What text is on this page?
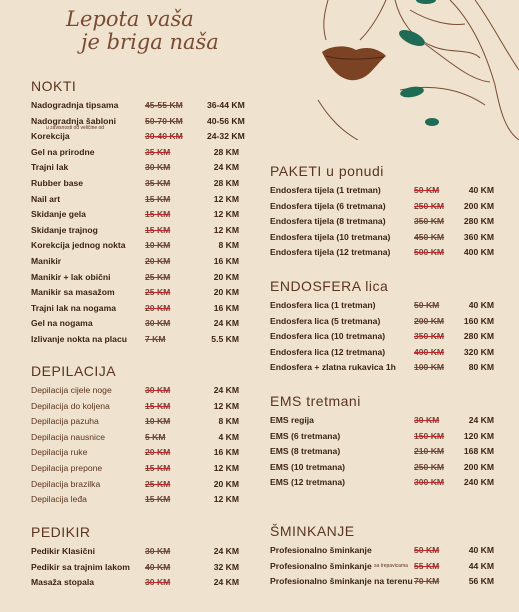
Lepota vaša
je briga naša
NOKTI
Nadogradnja tipsama	45-55 KM	36-44 KM
Nadogradnja šabloni
u zavisnosti od veličine od
50-70 KM	40-56 KM
Korekcija	30-40 KM	24-32 KM
Gel na prirodne	35 KM	28 KM
Trajni lak	30 KM	24 KM
Rubber base	35 KM	28 KM
Nail art	15 KM	12 KM
Skidanje gela	15 KM	12 KM
Skidanje trajnog	15 KM	12 KM
Korekcija jednog nokta 10 KM	8 KM
Manikir	20 KM	16 KM
Manikir + lak obični	25 KM	20 KM
Manikir sa masažom	25 KM	20 KM
Trajni lak na nogama	20 KM	16 KM
Gel na nogama	30 KM	24 KM
Izlivanje nokta na placu 7 KM	5.5 KM
DEPILACIJA
Depilacija cijele noge	30 KM	24 KM
Depilacija do koljena	15 KM	12 KM
Depilacija pazuha	10 KM	8 KM
Depilacija nausnice	5 KM	4 KM
Depilacija ruke	20 KM	16 KM
Depilacija prepone	15 KM	12 KM
Depilacija brazilka	25 KM	20 KM
Depilacija leđa	15 KM	12 KM
PEDIKIR
Pedikir Klasični	30 KM	24 KM
Pedikir sa trajnim lakom 40 KM	32 KM
Masaža stopala	30 KM	24 KM
PAKETI u ponudi
Endosfera tijela (1 tretman)	50 KM	40 KM
Endosfera tijela (6 tretmana)	250 KM	200 KM
Endosfera tijela (8 tretmana)	350 KM	280 KM
Endosfera tijela (10 tretmana)	450 KM	360 KM
Endosfera tijela (12 tretmana)	500 KM	400 KM
ENDOSFERA lica
Endosfera lica (1 tretman)	50 KM	40 KM
Endosfera lica (5 tretmana)	200 KM	160 KM
Endosfera lica (10 tretmana)	350 KM	280 KM
Endosfera lica (12 tretmana)	400 KM	320 KM
Endosfera + zlatna rukavica 1h 100 KM	80 KM
EMS tretmani
EMS regija	30 KM	24 KM
EMS (6 tretmana)	150 KM	120 KM
EMS (8 tretmana)	210 KM	168 KM
EMS (10 tretmana)	250 KM	200 KM
EMS (12 tretmana)	300 KM	240 KM
ŠMINKANJE
Profesionalno šminkanje	50 KM	40 KM
Profesionalno šminkanje sa trepavicama 55 KM	44 KM
Profesionalno šminkanje na terenu 70 KM	56 KM
